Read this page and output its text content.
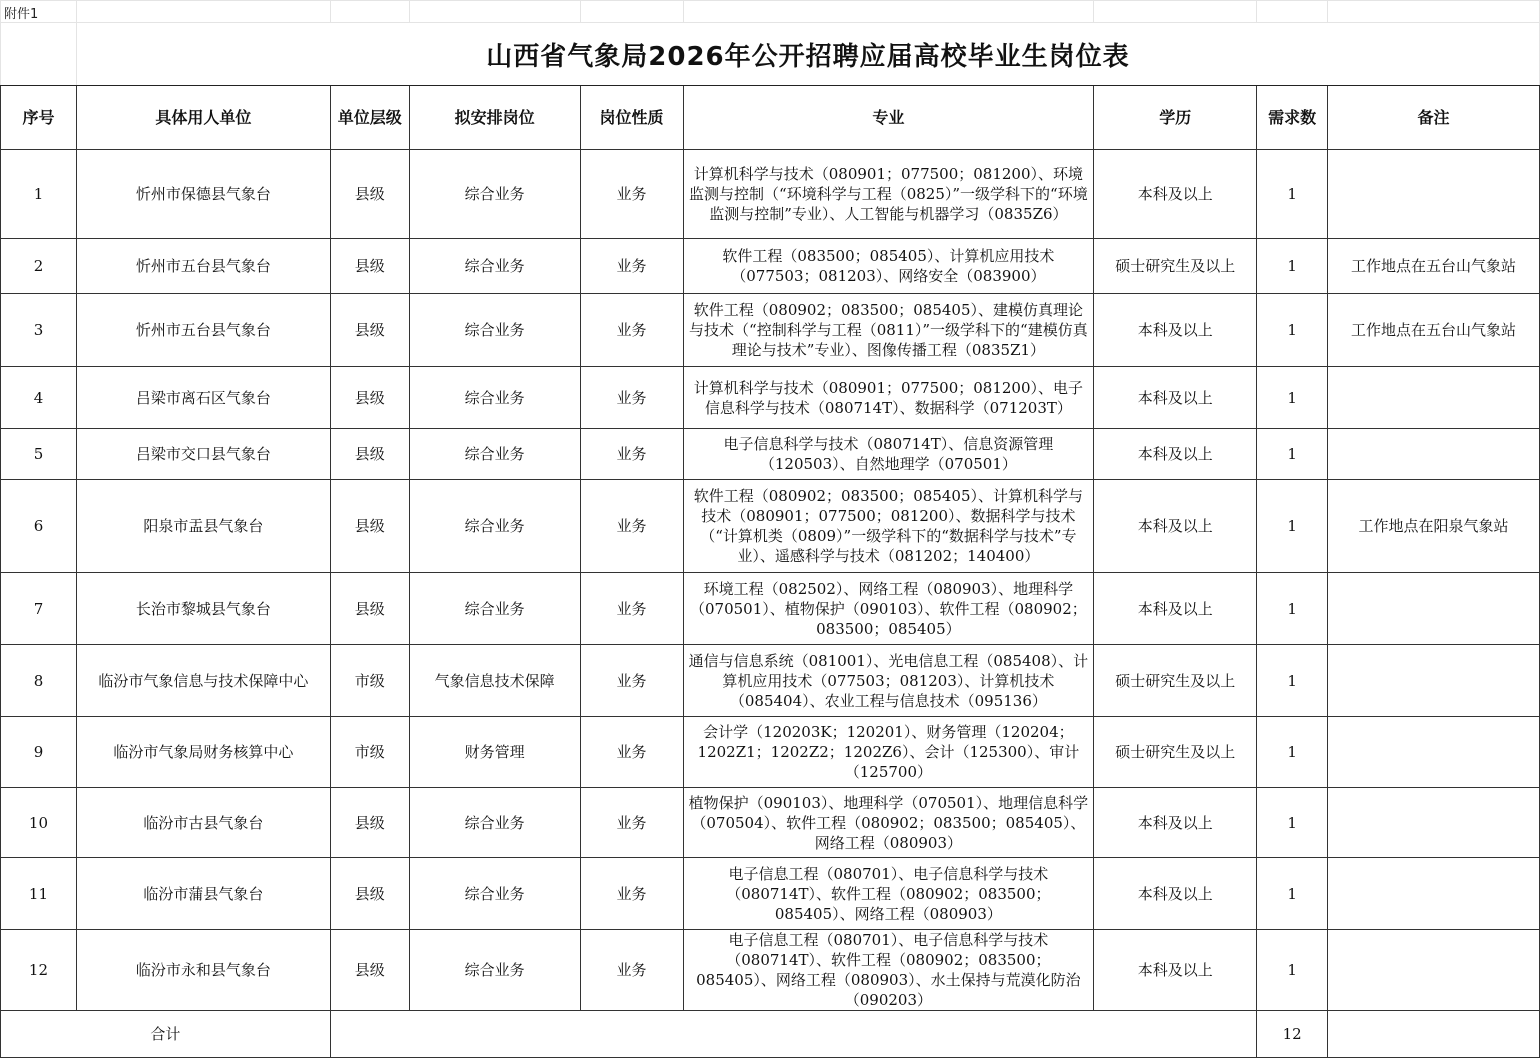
附件1								
	山西省气象局2026年公开招聘应届高校毕业生岗位表							
序号	具体用人单位	单位层级	拟安排岗位	岗位性质	专业	学历	需求数	备注
1	忻州市保德县气象台	县级	综合业务	业务	计算机科学与技术（080901；077500；081200）、环境监测与控制（“环境科学与工程（0825）”一级学科下的“环境监测与控制”专业）、人工智能与机器学习（0835Z6）	本科及以上	1	
2	忻州市五台县气象台	县级	综合业务	业务	软件工程（083500；085405）、计算机应用技术（077503；081203）、网络安全（083900）	硕士研究生及以上	1	工作地点在五台山气象站
3	忻州市五台县气象台	县级	综合业务	业务	软件工程（080902；083500；085405）、建模仿真理论与技术（“控制科学与工程（0811）”一级学科下的“建模仿真理论与技术”专业）、图像传播工程（0835Z1）	本科及以上	1	工作地点在五台山气象站
4	吕梁市离石区气象台	县级	综合业务	业务	计算机科学与技术（080901；077500；081200）、电子信息科学与技术（080714T）、数据科学（071203T）	本科及以上	1	
5	吕梁市交口县气象台	县级	综合业务	业务	电子信息科学与技术（080714T）、信息资源管理（120503）、自然地理学（070501）	本科及以上	1	
6	阳泉市盂县气象台	县级	综合业务	业务	软件工程（080902；083500；085405）、计算机科学与技术（080901；077500；081200）、数据科学与技术（“计算机类（0809）”一级学科下的“数据科学与技术”专业）、遥感科学与技术（081202；140400）	本科及以上	1	工作地点在阳泉气象站
7	长治市黎城县气象台	县级	综合业务	业务	环境工程（082502）、网络工程（080903）、地理科学（070501）、植物保护（090103）、软件工程（080902；083500；085405）	本科及以上	1	
8	临汾市气象信息与技术保障中心	市级	气象信息技术保障	业务	通信与信息系统（081001）、光电信息工程（085408）、计算机应用技术（077503；081203）、计算机技术（085404）、农业工程与信息技术（095136）	硕士研究生及以上	1	
9	临汾市气象局财务核算中心	市级	财务管理	业务	会计学（120203K；120201）、财务管理（120204；1202Z1；1202Z2；1202Z6）、会计（125300）、审计（125700）	硕士研究生及以上	1	
10	临汾市古县气象台	县级	综合业务	业务	植物保护（090103）、地理科学（070501）、地理信息科学（070504）、软件工程（080902；083500；085405）、网络工程（080903）	本科及以上	1	
11	临汾市蒲县气象台	县级	综合业务	业务	电子信息工程（080701）、电子信息科学与技术（080714T）、软件工程（080902；083500；085405）、网络工程（080903）	本科及以上	1	
12	临汾市永和县气象台	县级	综合业务	业务	电子信息工程（080701）、电子信息科学与技术（080714T）、软件工程（080902；083500；085405）、网络工程（080903）、水土保持与荒漠化防治（090203）	本科及以上	1	
合计							12	
